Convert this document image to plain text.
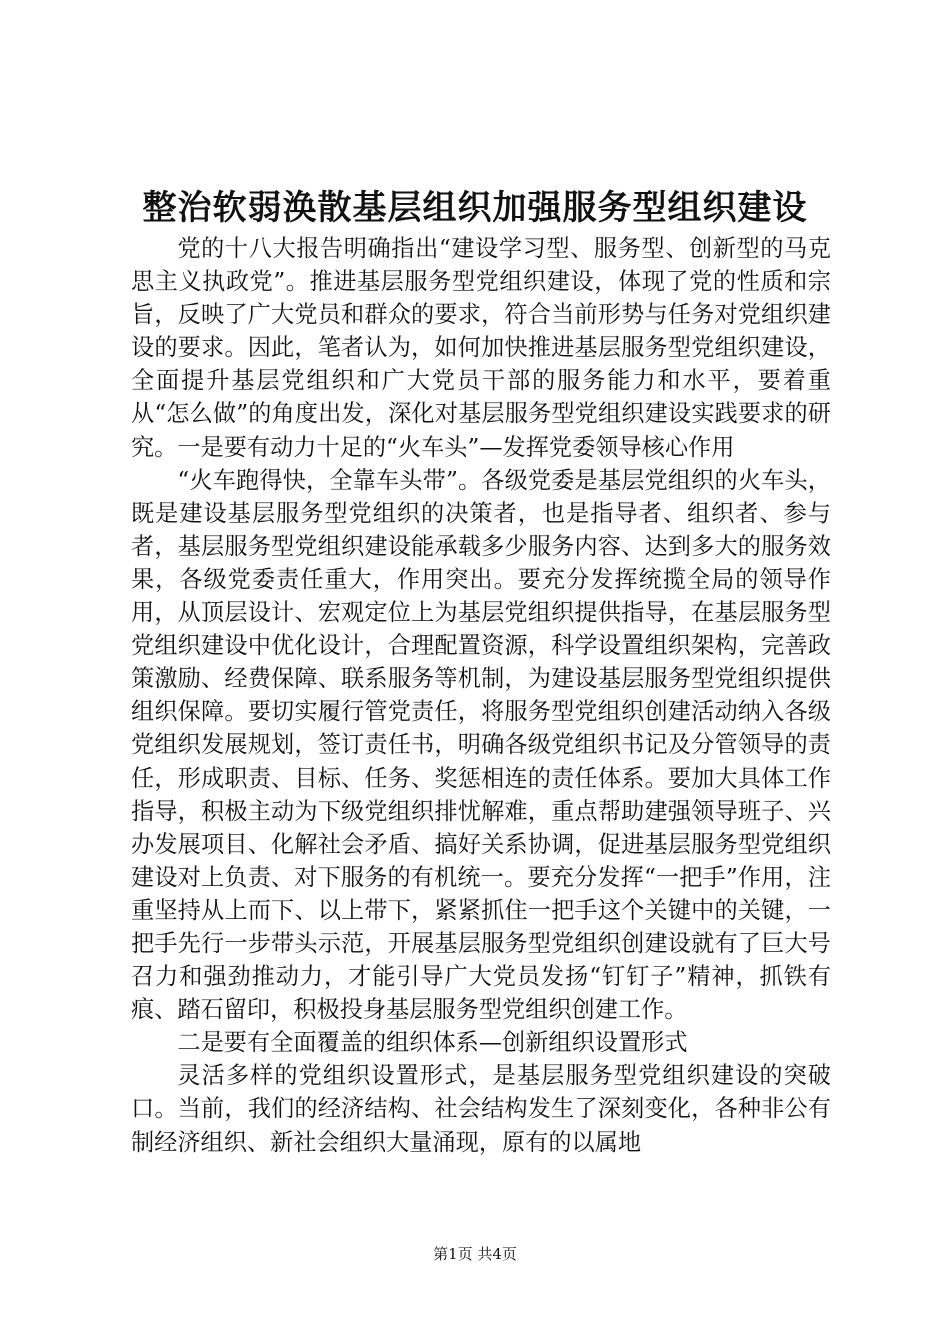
整治软弱涣散基层组织加强服务型组织建设

党的十八大报告明确指出“建设学习型、服务型、创新型的马克思主义执政党”。推进基层服务型党组织建设，体现了党的性质和宗旨，反映了广大党员和群众的要求，符合当前形势与任务对党组织建设的要求。因此，笔者认为，如何加快推进基层服务型党组织建设，全面提升基层党组织和广大党员干部的服务能力和水平，要着重从“怎么做”的角度出发，深化对基层服务型党组织建设实践要求的研究。一是要有动力十足的“火车头”—发挥党委领导核心作用

“火车跑得快，全靠车头带”。各级党委是基层党组织的火车头，既是建设基层服务型党组织的决策者，也是指导者、组织者、参与者，基层服务型党组织建设能承载多少服务内容、达到多大的服务效果，各级党委责任重大，作用突出。要充分发挥统揽全局的领导作用，从顶层设计、宏观定位上为基层党组织提供指导，在基层服务型党组织建设中优化设计，合理配置资源，科学设置组织架构，完善政策激励、经费保障、联系服务等机制，为建设基层服务型党组织提供组织保障。要切实履行管党责任，将服务型党组织创建活动纳入各级党组织发展规划，签订责任书，明确各级党组织书记及分管领导的责任，形成职责、目标、任务、奖惩相连的责任体系。要加大具体工作指导，积极主动为下级党组织排忧解难，重点帮助建强领导班子、兴办发展项目、化解社会矛盾、搞好关系协调，促进基层服务型党组织建设对上负责、对下服务的有机统一。要充分发挥“一把手”作用，注重坚持从上而下、以上带下，紧紧抓住一把手这个关键中的关键，一把手先行一步带头示范，开展基层服务型党组织创建设就有了巨大号召力和强劲推动力，才能引导广大党员发扬“钉钉子”精神，抓铁有痕、踏石留印，积极投身基层服务型党组织创建工作。

二是要有全面覆盖的组织体系—创新组织设置形式

灵活多样的党组织设置形式，是基层服务型党组织建设的突破口。当前，我们的经济结构、社会结构发生了深刻变化，各种非公有制经济组织、新社会组织大量涌现，原有的以属地

第1页 共4页
